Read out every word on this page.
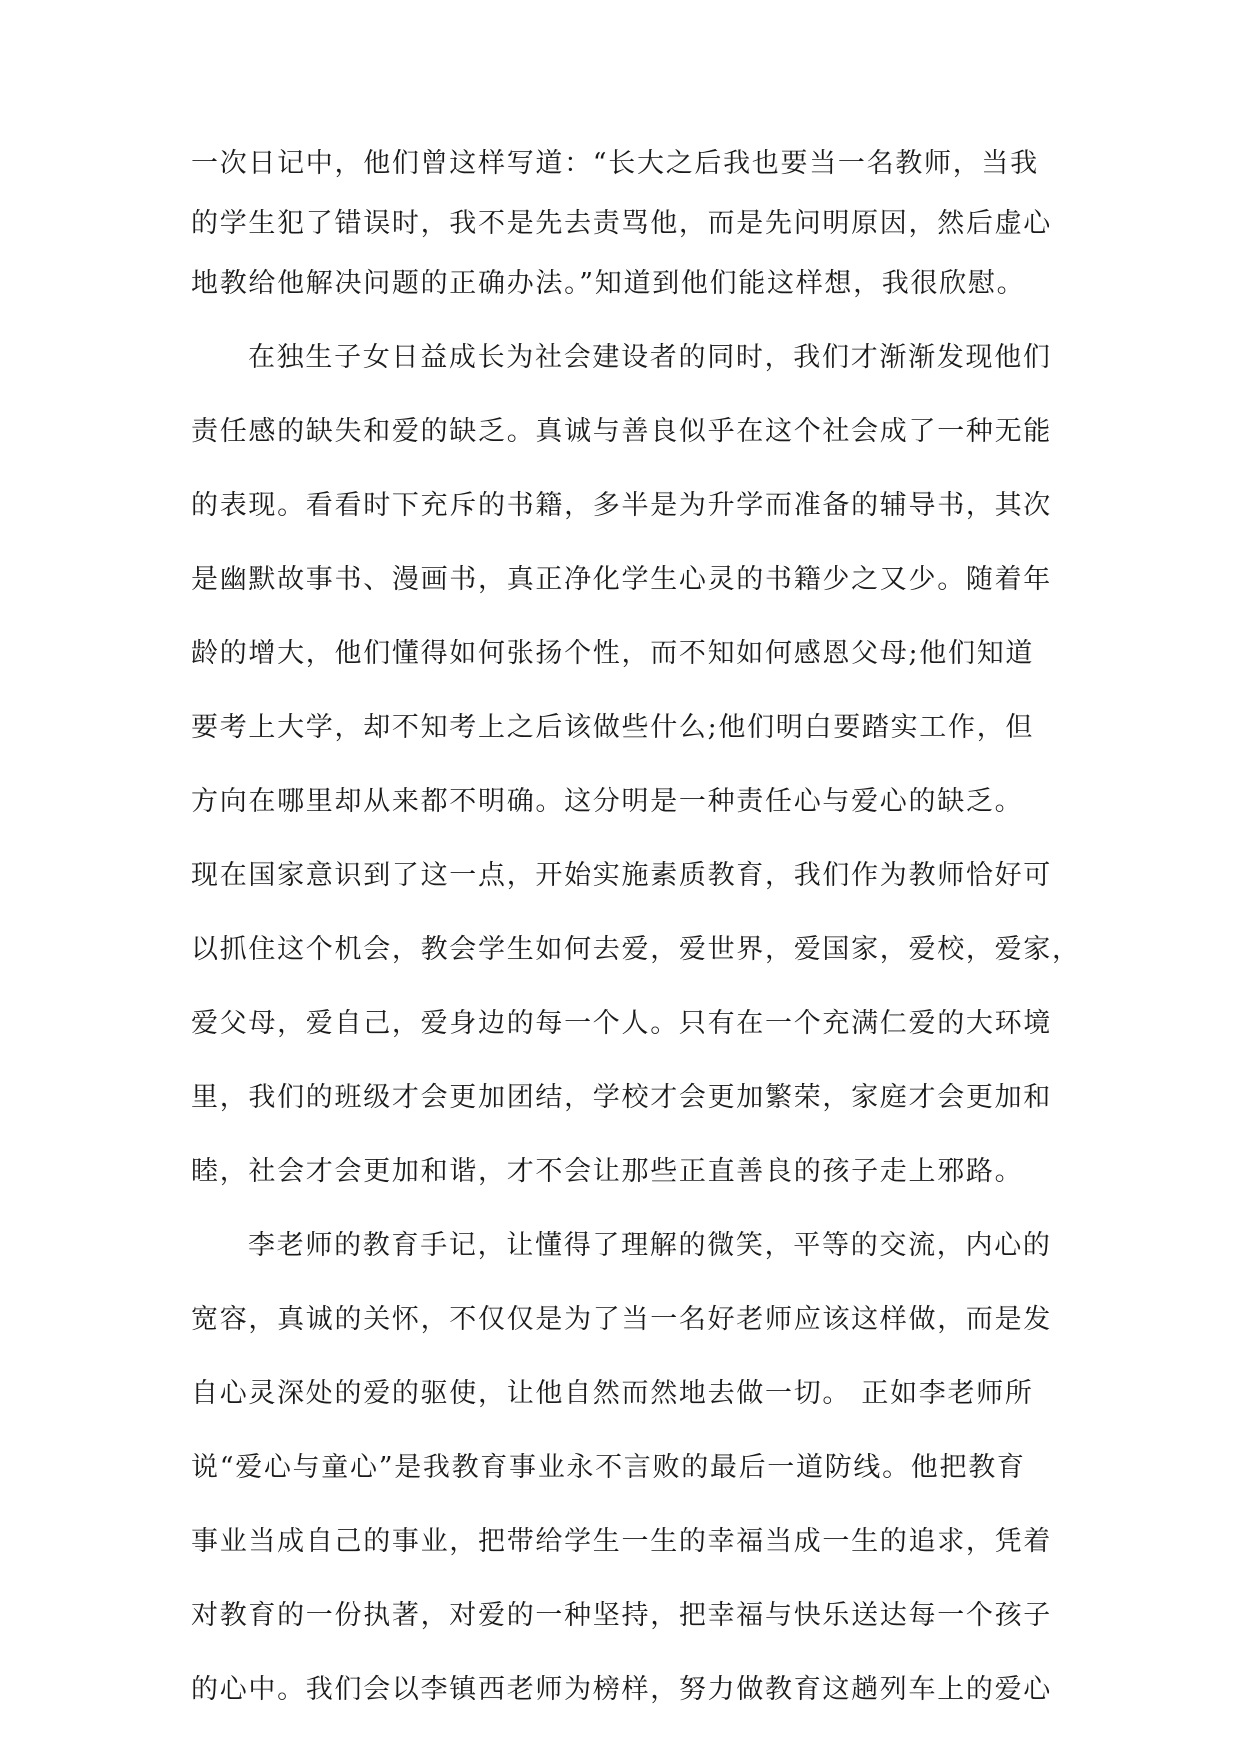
一次日记中，他们曾这样写道：“长大之后我也要当一名教师，当我
的学生犯了错误时，我不是先去责骂他，而是先问明原因，然后虚心
地教给他解决问题的正确办法。”知道到他们能这样想，我很欣慰。
在独生子女日益成长为社会建设者的同时，我们才渐渐发现他们
责任感的缺失和爱的缺乏。真诚与善良似乎在这个社会成了一种无能
的表现。看看时下充斥的书籍，多半是为升学而准备的辅导书，其次
是幽默故事书、漫画书，真正净化学生心灵的书籍少之又少。随着年
龄的增大，他们懂得如何张扬个性，而不知如何感恩父母;他们知道
要考上大学，却不知考上之后该做些什么;他们明白要踏实工作，但
方向在哪里却从来都不明确。这分明是一种责任心与爱心的缺乏。
现在国家意识到了这一点，开始实施素质教育，我们作为教师恰好可
以抓住这个机会，教会学生如何去爱，爱世界，爱国家，爱校，爱家，
爱父母，爱自己，爱身边的每一个人。只有在一个充满仁爱的大环境
里，我们的班级才会更加团结，学校才会更加繁荣，家庭才会更加和
睦，社会才会更加和谐，才不会让那些正直善良的孩子走上邪路。
李老师的教育手记，让懂得了理解的微笑，平等的交流，内心的
宽容，真诚的关怀，不仅仅是为了当一名好老师应该这样做，而是发
自心灵深处的爱的驱使，让他自然而然地去做一切。 正如李老师所
说“爱心与童心”是我教育事业永不言败的最后一道防线。他把教育
事业当成自己的事业，把带给学生一生的幸福当成一生的追求，凭着
对教育的一份执著，对爱的一种坚持，把幸福与快乐送达每一个孩子
的心中。我们会以李镇西老师为榜样，努力做教育这趟列车上的爱心
